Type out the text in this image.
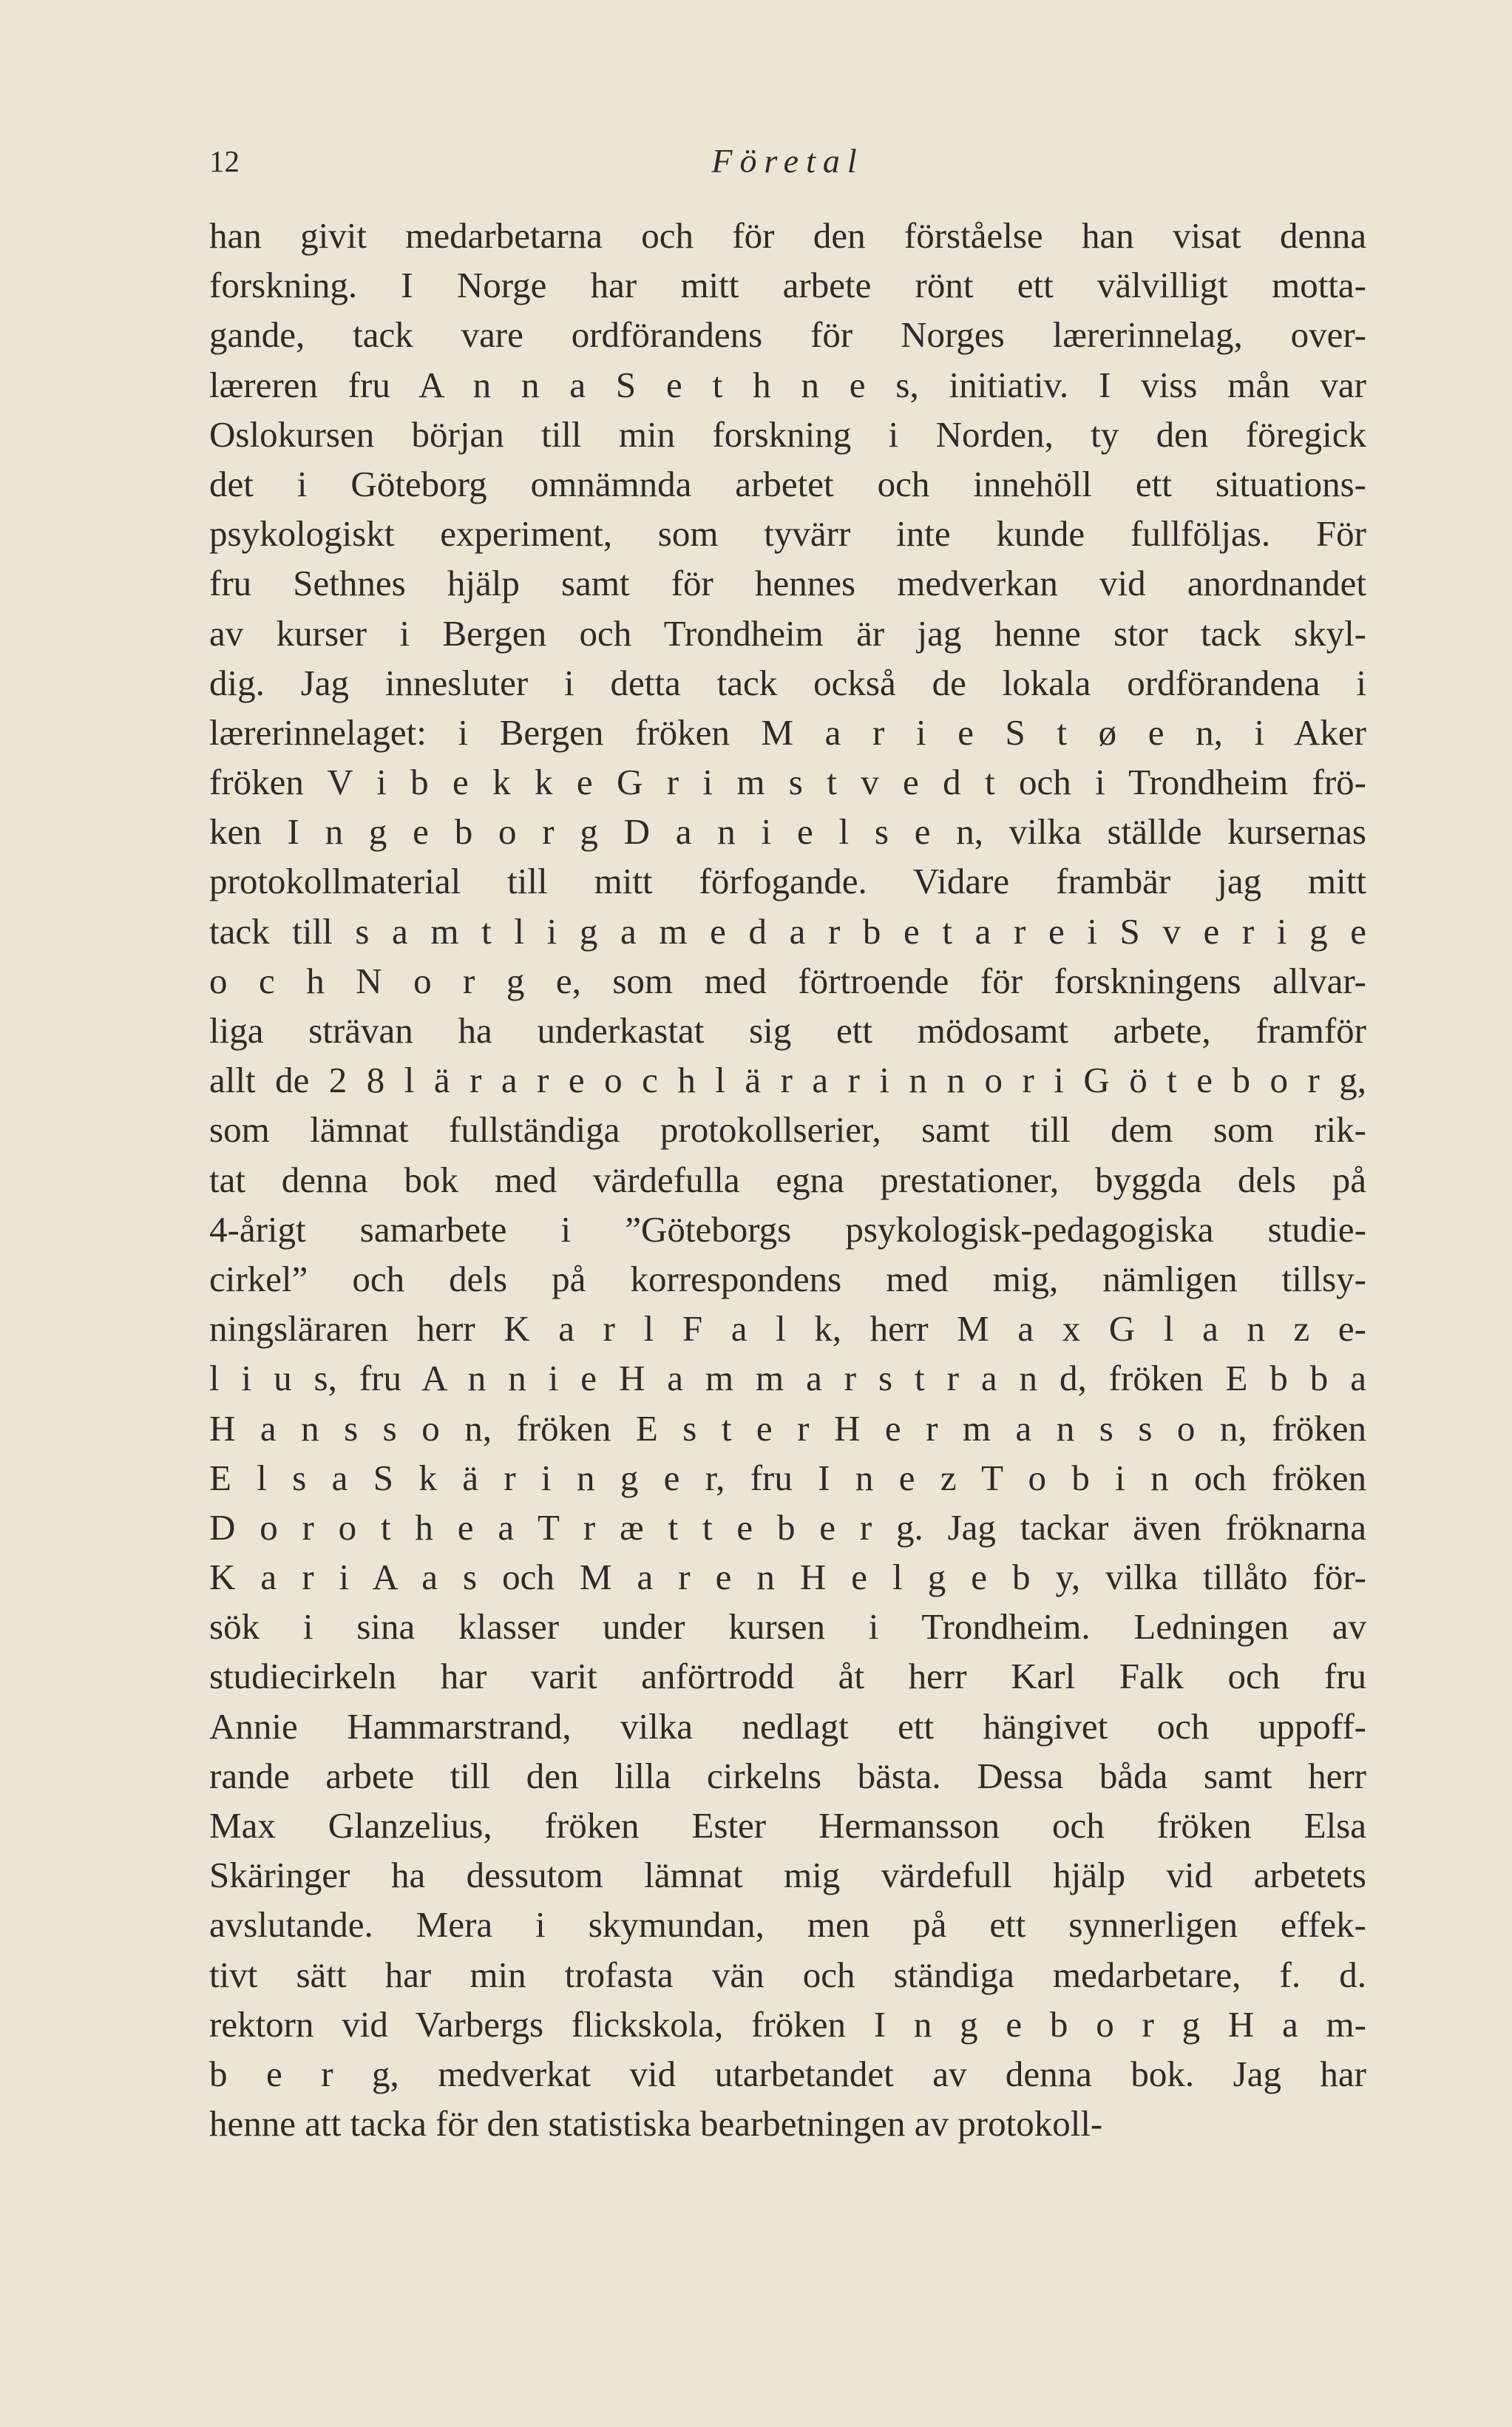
12	Företal
han givit medarbetarna och för den förståelse han visat denna
forskning. I Norge har mitt arbete rönt ett välvilligt motta-
gande, tack vare ordförandens för Norges lærerinnelag, over-
læreren fru A n n a S e t h n e s, initiativ. I viss mån var
Oslokursen början till min forskning i Norden, ty den föregick
det i Göteborg omnämnda arbetet och innehöll ett situations-
psykologiskt experiment, som tyvärr inte kunde fullföljas. För
fru Sethnes hjälp samt för hennes medverkan vid anordnandet
av kurser i Bergen och Trondheim är jag henne stor tack skyl-
dig. Jag innesluter i detta tack också de lokala ordförandena i
lærerinnelaget: i Bergen fröken M a r i e S t ø e n, i Aker
fröken V i b e k k e G r i m s t v e d t och i Trondheim frö-
ken I n g e b o r g D a n i e l s e n, vilka ställde kursernas
protokollmaterial till mitt förfogande. Vidare frambär jag mitt
tack till s a m t l i g a m e d a r b e t a r e i S v e r i g e
o c h N o r g e, som med förtroende för forskningens allvar-
liga strävan ha underkastat sig ett mödosamt arbete, framför
allt de 2 8 l ä r a r e o c h l ä r a r i n n o r i G ö t e b o r g,
som lämnat fullständiga protokollserier, samt till dem som rik-
tat denna bok med värdefulla egna prestationer, byggda dels på
4-årigt samarbete i ”Göteborgs psykologisk-pedagogiska studie-
cirkel” och dels på korrespondens med mig, nämligen tillsy-
ningsläraren herr K a r l F a l k, herr M a x G l a n z e-
l i u s, fru A n n i e H a m m a r s t r a n d, fröken E b b a
H a n s s o n, fröken E s t e r H e r m a n s s o n, fröken
E l s a S k ä r i n g e r, fru I n e z T o b i n och fröken
D o r o t h e a T r æ t t e b e r g. Jag tackar även fröknarna
K a r i A a s och M a r e n H e l g e b y, vilka tillåto för-
sök i sina klasser under kursen i Trondheim. Ledningen av
studiecirkeln har varit anförtrodd åt herr Karl Falk och fru
Annie Hammarstrand, vilka nedlagt ett hängivet och uppoff-
rande arbete till den lilla cirkelns bästa. Dessa båda samt herr
Max Glanzelius, fröken Ester Hermansson och fröken Elsa
Skäringer ha dessutom lämnat mig värdefull hjälp vid arbetets
avslutande. Mera i skymundan, men på ett synnerligen effek-
tivt sätt har min trofasta vän och ständiga medarbetare, f. d.
rektorn vid Varbergs flickskola, fröken I n g e b o r g H a m-
b e r g, medverkat vid utarbetandet av denna bok. Jag har
henne att tacka för den statistiska bearbetningen av protokoll-
